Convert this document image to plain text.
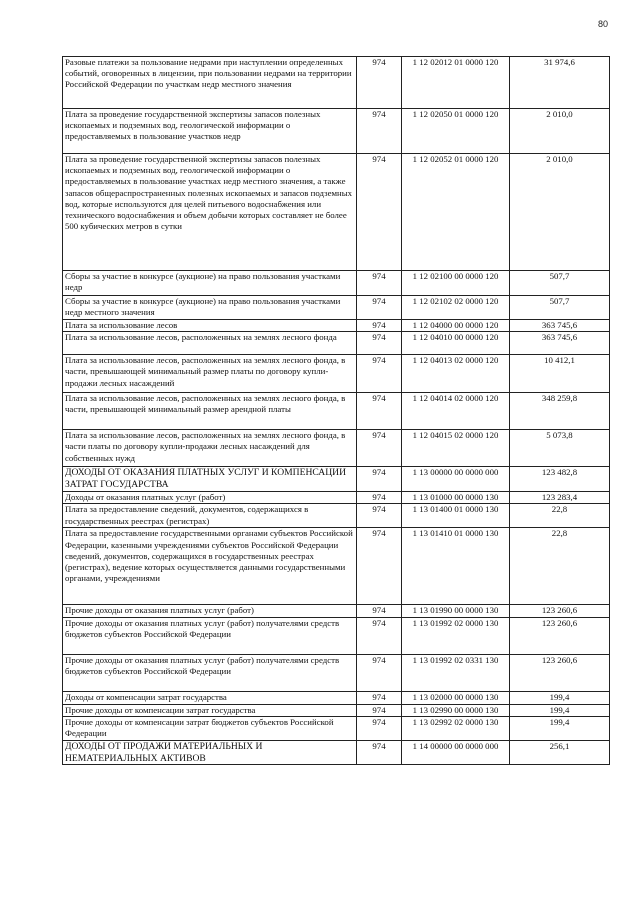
80
Разовые платежи за пользование недрами при наступлении определенных событий, оговоренных в лицензии, при пользовании недрами на территории Российской Федерации по участкам недр местного значения	974	1 12 02012 01 0000 120	31 974,6
Плата за проведение государственной экспертизы запасов полезных ископаемых и подземных вод, геологической информации о предоставляемых в пользование участков недр	974	1 12 02050 01 0000 120	2 010,0
Плата за проведение государственной экспертизы запасов полезных ископаемых и подземных вод, геологической информации о предоставляемых в пользование участках недр местного значения, а также запасов общераспространенных полезных ископаемых и запасов подземных вод, которые используются для целей питьевого водоснабжения или технического водоснабжения и объем добычи которых составляет не более 500 кубических метров в сутки	974	1 12 02052 01 0000 120	2 010,0
Сборы за участие в конкурсе (аукционе) на право пользования участками недр	974	1 12 02100 00 0000 120	507,7
Сборы за участие в конкурсе (аукционе) на право пользования участками недр местного значения	974	1 12 02102 02 0000 120	507,7
Плата за использование лесов	974	1 12 04000 00 0000 120	363 745,6
Плата за использование лесов, расположенных на землях лесного фонда	974	1 12 04010 00 0000 120	363 745,6
Плата за использование лесов, расположенных на землях лесного фонда, в части, превышающей минимальный размер платы по договору купли-продажи лесных насаждений	974	1 12 04013 02 0000 120	10 412,1
Плата за использование лесов, расположенных на землях лесного фонда, в части, превышающей минимальный размер арендной платы	974	1 12 04014 02 0000 120	348 259,8
Плата за использование лесов, расположенных на землях лесного фонда, в части платы по договору купли-продажи лесных насаждений для собственных нужд	974	1 12 04015 02 0000 120	5 073,8
ДОХОДЫ ОТ ОКАЗАНИЯ ПЛАТНЫХ УСЛУГ И КОМПЕНСАЦИИ ЗАТРАТ ГОСУДАРСТВА	974	1 13 00000 00 0000 000	123 482,8
Доходы от оказания платных услуг (работ)	974	1 13 01000 00 0000 130	123 283,4
Плата за предоставление сведений, документов, содержащихся в государственных реестрах (регистрах)	974	1 13 01400 01 0000 130	22,8
Плата за предоставление государственными органами субъектов Российской Федерации, казенными учреждениями субъектов Российской Федерации сведений, документов, содержащихся в государственных реестрах (регистрах), ведение которых осуществляется данными государственными органами, учреждениями	974	1 13 01410 01 0000 130	22,8
Прочие доходы от оказания платных услуг (работ)	974	1 13 01990 00 0000 130	123 260,6
Прочие доходы от оказания платных услуг (работ) получателями средств бюджетов субъектов Российской Федерации	974	1 13 01992 02 0000 130	123 260,6
Прочие доходы от оказания платных услуг (работ) получателями средств бюджетов субъектов Российской Федерации	974	1 13 01992 02 0331 130	123 260,6
Доходы от компенсации затрат государства	974	1 13 02000 00 0000 130	199,4
Прочие доходы от компенсации затрат государства	974	1 13 02990 00 0000 130	199,4
Прочие доходы от компенсации затрат бюджетов субъектов Российской Федерации	974	1 13 02992 02 0000 130	199,4
ДОХОДЫ ОТ ПРОДАЖИ МАТЕРИАЛЬНЫХ И НЕМАТЕРИАЛЬНЫХ АКТИВОВ	974	1 14 00000 00 0000 000	256,1
